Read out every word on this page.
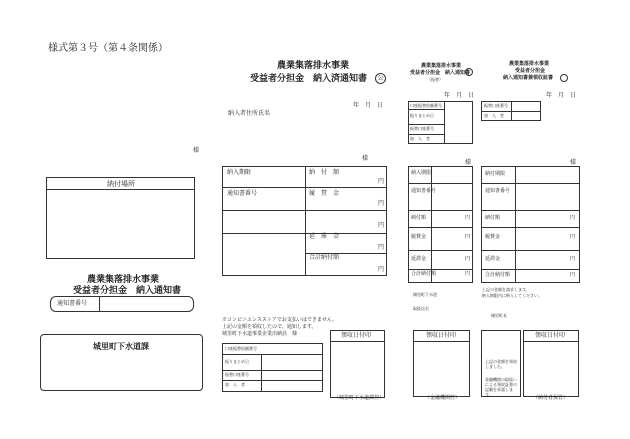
様式第３号（第４条関係）
様
納付場所
農業集落排水事業
受益者分担金　納入通知書
通知書番号
城里町下水道課
農業集落排水事業
受益者分担金　納入済通知書	公
年　月　日
納入者住所氏名
様
納入期限
通知書番号
納　付　額
履　賛　金
延　滞　金
合計納付額
円
円
円
円
円
※コンビニエンスストアでお支払いはできません。
上記の金額を領収したので、通知します。
城里町下水道事業企業出納員　様
口座振替依頼番号
振りまとめ日
振替口座番号
加　入　者
領収日付印
（城里町下水道課控）
農業集落排水事業
受益者分担金　納入通知書
（振替）
年　月　日
口座振替依頼番号
振りまとめ日
振替口座番号
加　入　者
様
納入期限
通知書番号
納付額
履賛金
延滞金
合計納付額
円
円
円
円
城里町下水道
取扱店名
領収日付印
（金融機関控）
農業集落排水事業
受益者分担金
納入通知書兼領収証書
年　月　日
振替口座番号
加　入　者
様
納付期限
通知書番号
納付額
履賛金
延滞金
合計納付額
円
円
円
円
上記の金額を請求します。
納入期限内に納入してください。
城里町長
上記の金額を領収しました。
金融機関の取扱いによる領収証書の記載を承諾します。
領収日付印
（納付者保管）
